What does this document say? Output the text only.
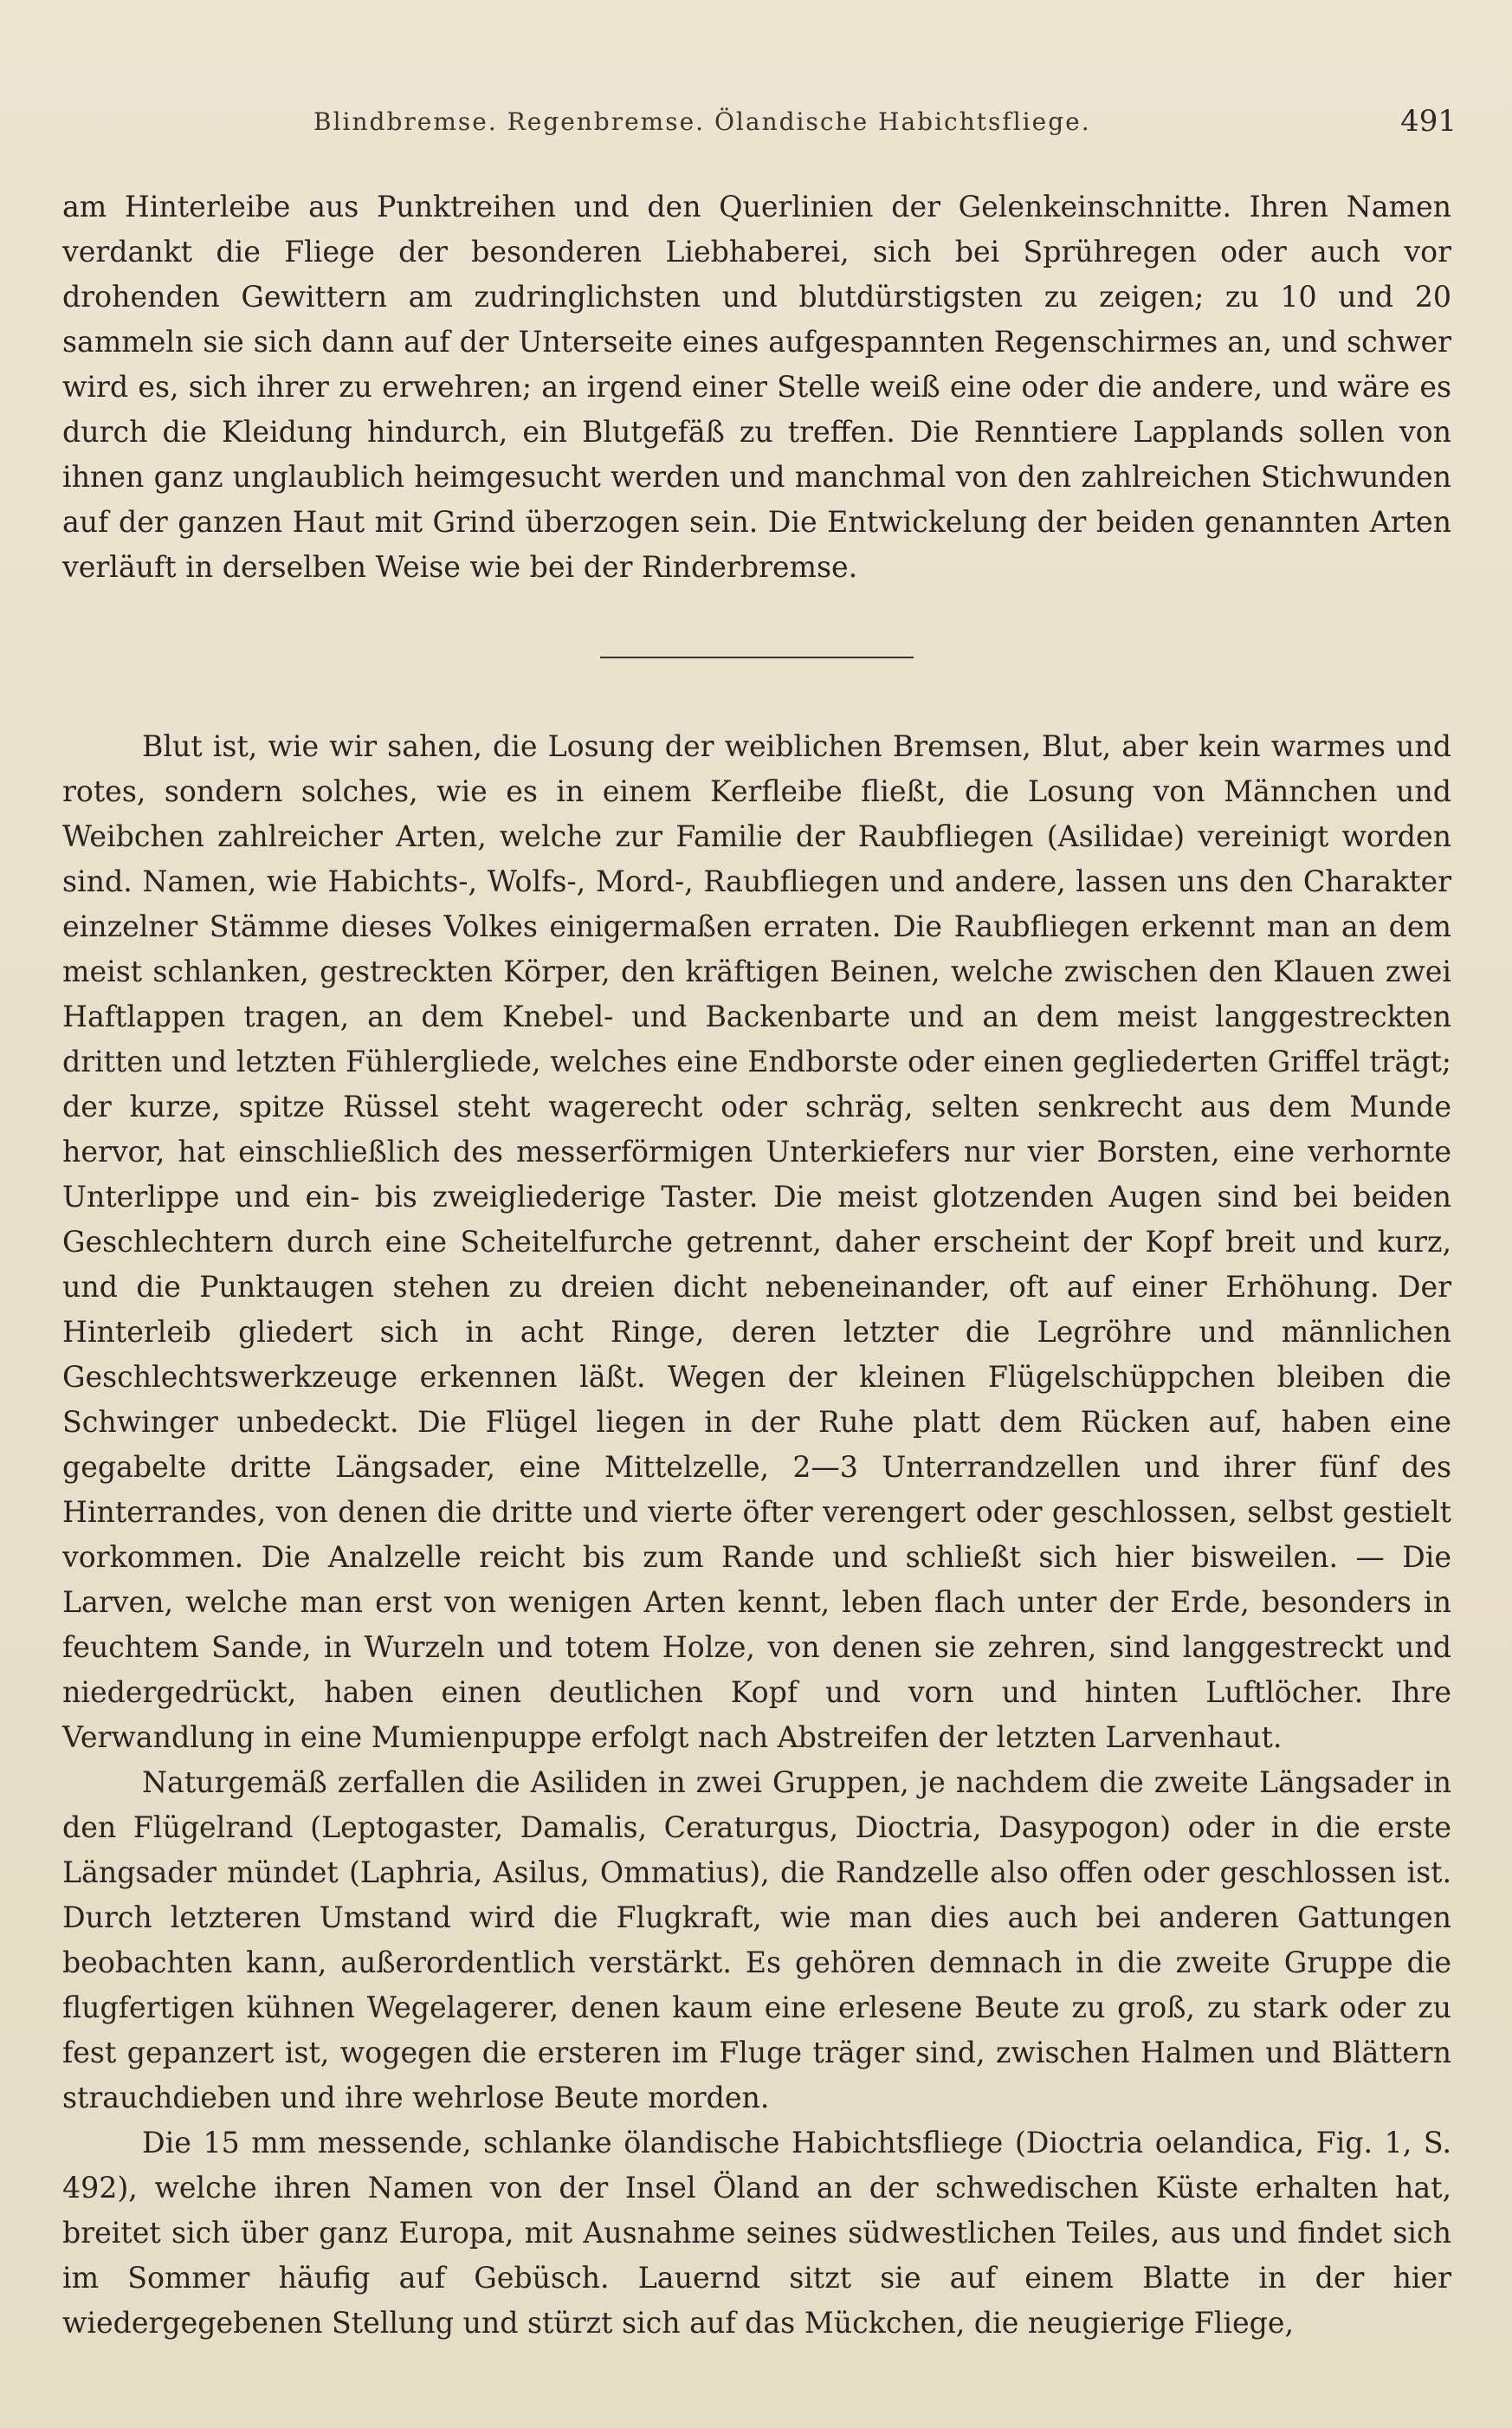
Blindbremse. Regenbremse. Ölandische Habichtsfliege.	491

am Hinterleibe aus Punktreihen und den Querlinien der Gelenkeinschnitte. Ihren Namen verdankt die Fliege der besonderen Liebhaberei, sich bei Sprühregen oder auch vor drohenden Gewittern am zudringlichsten und blutdürstigsten zu zeigen; zu 10 und 20 sammeln sie sich dann auf der Unterseite eines aufgespannten Regenschirmes an, und schwer wird es, sich ihrer zu erwehren; an irgend einer Stelle weiß eine oder die andere, und wäre es durch die Kleidung hindurch, ein Blutgefäß zu treffen. Die Renntiere Lapplands sollen von ihnen ganz unglaublich heimgesucht werden und manchmal von den zahlreichen Stichwunden auf der ganzen Haut mit Grind überzogen sein. Die Entwickelung der beiden genannten Arten verläuft in derselben Weise wie bei der Rinderbremse.

Blut ist, wie wir sahen, die Losung der weiblichen Bremsen, Blut, aber kein warmes und rotes, sondern solches, wie es in einem Kerfleibe fließt, die Losung von Männchen und Weibchen zahlreicher Arten, welche zur Familie der Raubfliegen (Asilidae) vereinigt worden sind. Namen, wie Habichts-, Wolfs-, Mord-, Raubfliegen und andere, lassen uns den Charakter einzelner Stämme dieses Volkes einigermaßen erraten. Die Raubfliegen erkennt man an dem meist schlanken, gestreckten Körper, den kräftigen Beinen, welche zwischen den Klauen zwei Haftlappen tragen, an dem Knebel- und Backenbarte und an dem meist langgestreckten dritten und letzten Fühlergliede, welches eine Endborste oder einen gegliederten Griffel trägt; der kurze, spitze Rüssel steht wagerecht oder schräg, selten senkrecht aus dem Munde hervor, hat einschließlich des messerförmigen Unterkiefers nur vier Borsten, eine verhornte Unterlippe und ein- bis zweigliederige Taster. Die meist glotzenden Augen sind bei beiden Geschlechtern durch eine Scheitelfurche getrennt, daher erscheint der Kopf breit und kurz, und die Punktaugen stehen zu dreien dicht nebeneinander, oft auf einer Erhöhung. Der Hinterleib gliedert sich in acht Ringe, deren letzter die Legröhre und männlichen Geschlechtswerkzeuge erkennen läßt. Wegen der kleinen Flügelschüppchen bleiben die Schwinger unbedeckt. Die Flügel liegen in der Ruhe platt dem Rücken auf, haben eine gegabelte dritte Längsader, eine Mittelzelle, 2—3 Unterrandzellen und ihrer fünf des Hinterrandes, von denen die dritte und vierte öfter verengert oder geschlossen, selbst gestielt vorkommen. Die Analzelle reicht bis zum Rande und schließt sich hier bisweilen. — Die Larven, welche man erst von wenigen Arten kennt, leben flach unter der Erde, besonders in feuchtem Sande, in Wurzeln und totem Holze, von denen sie zehren, sind langgestreckt und niedergedrückt, haben einen deutlichen Kopf und vorn und hinten Luftlöcher. Ihre Verwandlung in eine Mumienpuppe erfolgt nach Abstreifen der letzten Larvenhaut.

Naturgemäß zerfallen die Asiliden in zwei Gruppen, je nachdem die zweite Längsader in den Flügelrand (Leptogaster, Damalis, Ceraturgus, Dioctria, Dasypogon) oder in die erste Längsader mündet (Laphria, Asilus, Ommatius), die Randzelle also offen oder geschlossen ist. Durch letzteren Umstand wird die Flugkraft, wie man dies auch bei anderen Gattungen beobachten kann, außerordentlich verstärkt. Es gehören demnach in die zweite Gruppe die flugfertigen kühnen Wegelagerer, denen kaum eine erlesene Beute zu groß, zu stark oder zu fest gepanzert ist, wogegen die ersteren im Fluge träger sind, zwischen Halmen und Blättern strauchdieben und ihre wehrlose Beute morden.

Die 15 mm messende, schlanke ölandische Habichtsfliege (Dioctria oelandica, Fig. 1, S. 492), welche ihren Namen von der Insel Öland an der schwedischen Küste erhalten hat, breitet sich über ganz Europa, mit Ausnahme seines südwestlichen Teiles, aus und findet sich im Sommer häufig auf Gebüsch. Lauernd sitzt sie auf einem Blatte in der hier wiedergegebenen Stellung und stürzt sich auf das Mückchen, die neugierige Fliege,
